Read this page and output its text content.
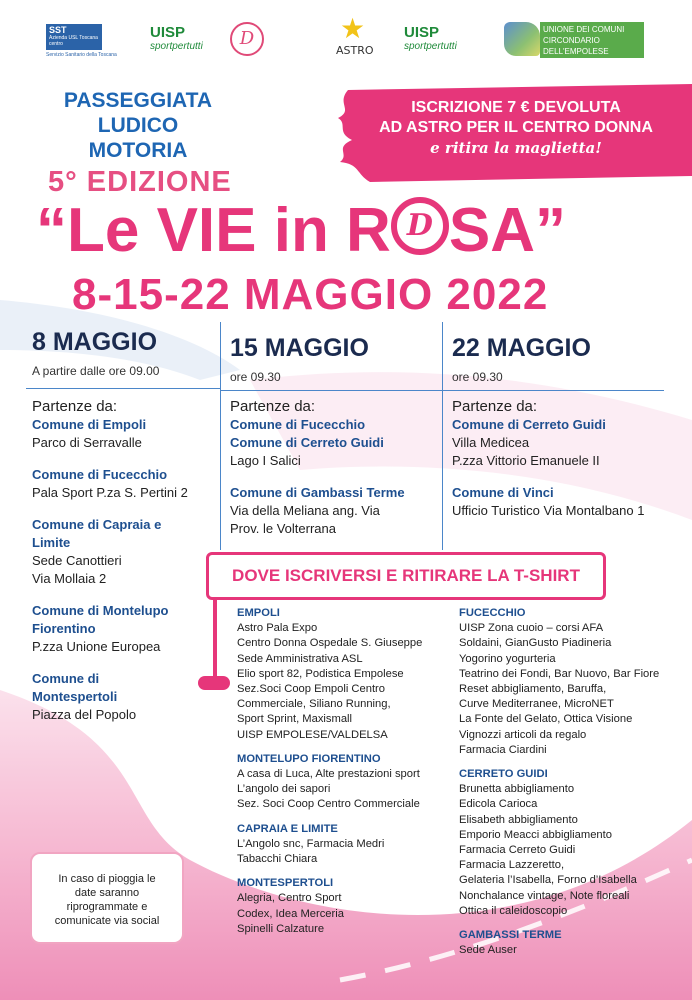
SST
Azienda USL Toscana centro
Servizio Sanitario della Toscana
UISP
sportpertutti	D	★
ASTRO
UISP
sportpertutti
UNIONE DEI COMUNI CIRCONDARIO DELL'EMPOLESE VALDELSA
PASSEGGIATA LUDICO MOTORIA
ISCRIZIONE 7 € DEVOLUTA
AD ASTRO PER IL CENTRO DONNA
e ritira la maglietta!
5° EDIZIONE
“Le VIE in RD SA”
8-15-22 MAGGIO 2022
8 MAGGIO
A partire dalle ore 09.00
Partenze da:
Comune di Empoli
Parco di Serravalle
Comune di Fucecchio
Pala Sport P.za S. Pertini 2
Comune di Capraia e Limite
Sede Canottieri
Via Mollaia 2
Comune di Montelupo Fiorentino
P.zza Unione Europea
Comune di Montespertoli
Piazza del Popolo
15 MAGGIO
ore 09.30
Partenze da:
Comune di Fucecchio
Comune di Cerreto Guidi
Lago I Salici
Comune di Gambassi Terme
Via della Meliana ang. Via
Prov. le Volterrana
22 MAGGIO
ore 09.30
Partenze da:
Comune di Cerreto Guidi
Villa Medicea
P.zza Vittorio Emanuele II
Comune di Vinci
Ufficio Turistico Via Montalbano 1
DOVE ISCRIVERSI E RITIRARE LA T-SHIRT
EMPOLI
Astro Pala Expo
Centro Donna Ospedale S. Giuseppe
Sede Amministrativa ASL
Elio sport 82, Podistica Empolese
Sez.Soci Coop Empoli Centro
Commerciale, Siliano Running,
Sport Sprint, Maxismall
UISP EMPOLESE/VALDELSA
MONTELUPO FIORENTINO
A casa di Luca, Alte prestazioni sport
L’angolo dei sapori
Sez. Soci Coop Centro Commerciale
CAPRAIA E LIMITE
L’Angolo snc, Farmacia Medri
Tabacchi Chiara
MONTESPERTOLI
Alegria, Centro Sport
Codex, Idea Merceria
Spinelli Calzature
FUCECCHIO
UISP Zona cuoio – corsi AFA
Soldaini, GianGusto Piadineria
Yogorino yogurteria
Teatrino dei Fondi, Bar Nuovo, Bar Fiore
Reset abbigliamento, Baruffa,
Curve Mediterranee, MicroNET
La Fonte del Gelato, Ottica Visione
Vignozzi articoli da regalo
Farmacia Ciardini
CERRETO GUIDI
Brunetta abbigliamento
Edicola Carioca
Elisabeth abbigliamento
Emporio Meacci abbigliamento
Farmacia Cerreto Guidi
Farmacia Lazzeretto,
Gelateria l’Isabella, Forno d’Isabella
Nonchalance vintage, Note floreali
Ottica il caleidoscopio
GAMBASSI TERME
Sede Auser
In caso di pioggia le
date saranno
riprogrammate e
comunicate via social
